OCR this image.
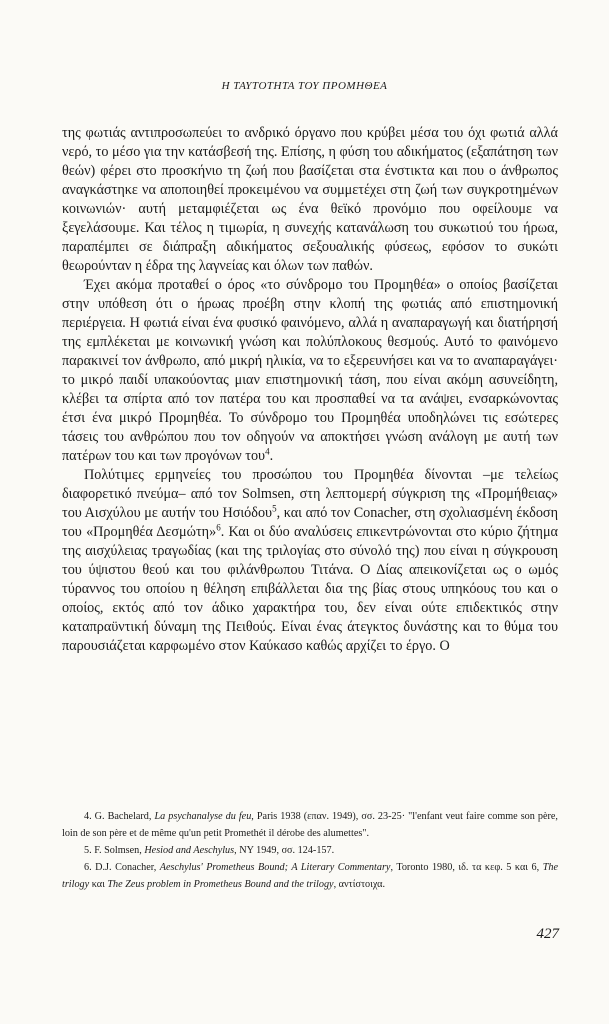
Η ΤΑΥΤΟΤΗΤΑ ΤΟΥ ΠΡΟΜΗΘΕΑ

της φωτιάς αντιπροσωπεύει το ανδρικό όργανο που κρύβει μέσα του όχι φωτιά αλλά νερό, το μέσο για την κατάσβεσή της. Επίσης, η φύση του αδικήματος (εξαπάτηση των θεών) φέρει στο προσκήνιο τη ζωή που βασίζεται στα ένστικτα και που ο άνθρωπος αναγκάστηκε να αποποιηθεί προκειμένου να συμμετέχει στη ζωή των συγκροτημένων κοινωνιών· αυτή μεταμφιέζεται ως ένα θεϊκό προνόμιο που οφείλουμε να ξεγελάσουμε. Και τέλος η τιμωρία, η συνεχής κατανάλωση του συκωτιού του ήρωα, παραπέμπει σε διάπραξη αδικήματος σεξουαλικής φύσεως, εφόσον το συκώτι θεωρούνταν η έδρα της λαγνείας και όλων των παθών.

Έχει ακόμα προταθεί ο όρος «το σύνδρομο του Προμηθέα» ο οποίος βασίζεται στην υπόθεση ότι ο ήρωας προέβη στην κλοπή της φωτιάς από επιστημονική περιέργεια. Η φωτιά είναι ένα φυσικό φαινόμενο, αλλά η αναπαραγωγή και διατήρησή της εμπλέκεται με κοινωνική γνώση και πολύπλοκους θεσμούς. Αυτό το φαινόμενο παρακινεί τον άνθρωπο, από μικρή ηλικία, να το εξερευνήσει και να το αναπαραγάγει· το μικρό παιδί υπακούοντας μιαν επιστημονική τάση, που είναι ακόμη ασυνείδητη, κλέβει τα σπίρτα από τον πατέρα του και προσπαθεί να τα ανάψει, ενσαρκώνοντας έτσι ένα μικρό Προμηθέα. Το σύνδρομο του Προμηθέα υποδηλώνει τις εσώτερες τάσεις του ανθρώπου που τον οδηγούν να αποκτήσει γνώση ανάλογη με αυτή των πατέρων του και των προγόνων του$^4$.

Πολύτιμες ερμηνείες του προσώπου του Προμηθέα δίνονται –με τελείως διαφορετικό πνεύμα– από τον Solmsen, στη λεπτομερή σύγκριση της «Προμήθειας» του Αισχύλου με αυτήν του Ησιόδου$^5$, και από τον Conacher, στη σχολιασμένη έκδοση του «Προμηθέα Δεσμώτη»$^6$. Και οι δύο αναλύσεις επικεντρώνονται στο κύριο ζήτημα της αισχύλειας τραγωδίας (και της τριλογίας στο σύνολό της) που είναι η σύγκρουση του ύψιστου θεού και του φιλάνθρωπου Τιτάνα. Ο Δίας απεικονίζεται ως ο ωμός τύραννος του οποίου η θέληση επιβάλλεται δια της βίας στους υπηκόους του και ο οποίος, εκτός από τον άδικο χαρακτήρα του, δεν είναι ούτε επιδεκτικός στην καταπραϋντική δύναμη της Πειθούς. Είναι ένας άτεγκτος δυνάστης και το θύμα του παρουσιάζεται καρφωμένο στον Καύκασο καθώς αρχίζει το έργο. Ο

4. G. Bachelard, La psychanalyse du feu, Paris 1938 (επαν. 1949), σσ. 23-25· "l'enfant veut faire comme son père, loin de son père et de même qu'un petit Promethét il dérobe des alumettes".

5. F. Solmsen, Hesiod and Aeschylus, NY 1949, σσ. 124-157.

6. D.J. Conacher, Aeschylus' Prometheus Bound; A Literary Commentary, Toronto 1980, ιδ. τα κεφ. 5 και 6, The trilogy και The Zeus problem in Prometheus Bound and the trilogy, αντίστοιχα.

427
